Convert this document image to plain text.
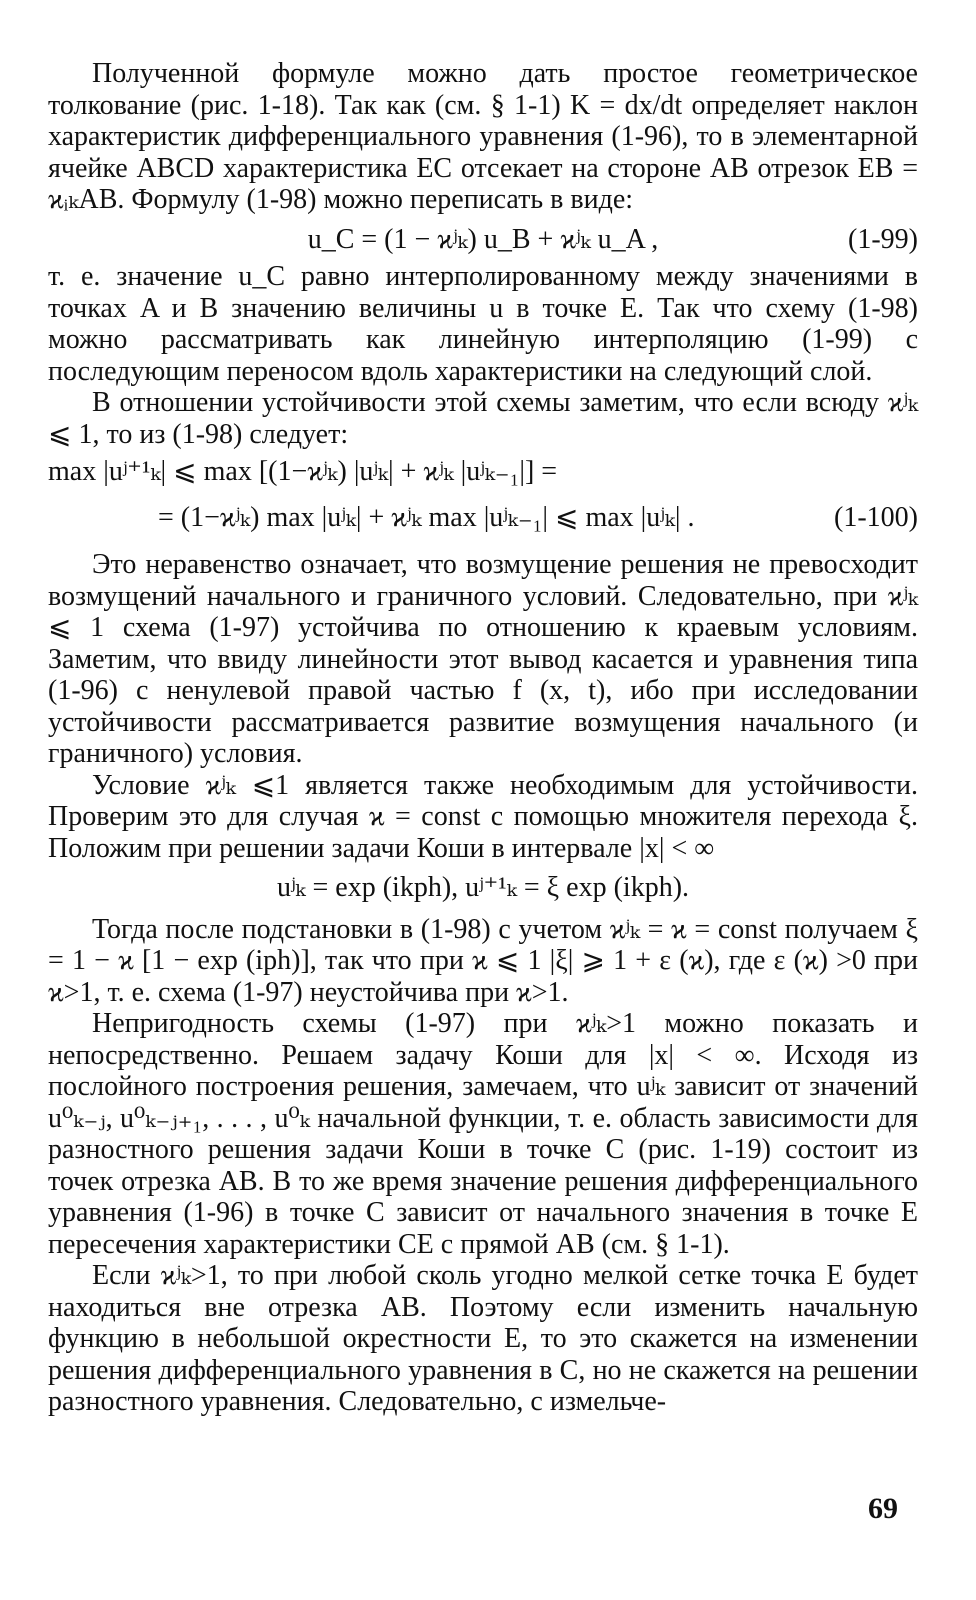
Полученной формуле можно дать простое геометрическое толкование (рис. 1-18). Так как (см. § 1-1) K = dx/dt определяет наклон характеристик дифференциального уравнения (1-96), то в элементарной ячейке ABCD характеристика EC отсекает на стороне AB отрезок EB = ϰᵢₖAB. Формулу (1-98) можно переписать в виде:

u_C = (1 − ϰʲₖ) u_B + ϰʲₖ u_A ,	(1-99)

т. е. значение u_C равно интерполированному между значениями в точках A и B значению величины u в точке E. Так что схему (1-98) можно рассматривать как линейную интерполяцию (1-99) с последующим переносом вдоль характеристики на следующий слой.

В отношении устойчивости этой схемы заметим, что если всюду ϰʲₖ ⩽ 1, то из (1-98) следует:

max |uʲ⁺¹ₖ| ⩽ max [(1−ϰʲₖ) |uʲₖ| + ϰʲₖ |uʲₖ₋₁|] =
= (1−ϰʲₖ) max |uʲₖ| + ϰʲₖ max |uʲₖ₋₁| ⩽ max |uʲₖ| .	(1-100)

Это неравенство означает, что возмущение решения не превосходит возмущений начального и граничного условий. Следовательно, при ϰʲₖ ⩽ 1 схема (1-97) устойчива по отношению к краевым условиям. Заметим, что ввиду линейности этот вывод касается и уравнения типа (1-96) с ненулевой правой частью f (x, t), ибо при исследовании устойчивости рассматривается развитие возмущения начального (и граничного) условия.

Условие ϰʲₖ ⩽1 является также необходимым для устойчивости. Проверим это для случая ϰ = const с помощью множителя перехода ξ. Положим при решении задачи Коши в интервале |x| < ∞

uʲₖ = exp (ikph), uʲ⁺¹ₖ = ξ exp (ikph).

Тогда после подстановки в (1-98) с учетом ϰʲₖ = ϰ = const получаем ξ = 1 − ϰ [1 − exp (iph)], так что при ϰ ⩽ 1 |ξ| ⩾ 1 + ε (ϰ), где ε (ϰ) >0 при ϰ>1, т. е. схема (1-97) неустойчива при ϰ>1.

Непригодность схемы (1-97) при ϰʲₖ>1 можно показать и непосредственно. Решаем задачу Коши для |x| < ∞. Исходя из послойного построения решения, замечаем, что uʲₖ зависит от значений u⁰ₖ₋ⱼ, u⁰ₖ₋ⱼ₊₁, . . . , u⁰ₖ начальной функции, т. е. область зависимости для разностного решения задачи Коши в точке C (рис. 1-19) состоит из точек отрезка AB. В то же время значение решения дифференциального уравнения (1-96) в точке C зависит от начального значения в точке E пересечения характеристики CE с прямой AB (см. § 1-1).

Если ϰʲₖ>1, то при любой сколь угодно мелкой сетке точка E будет находиться вне отрезка AB. Поэтому если изменить начальную функцию в небольшой окрестности E, то это скажется на изменении решения дифференциального уравнения в C, но не скажется на решении разностного уравнения. Следовательно, с измельче-

69
